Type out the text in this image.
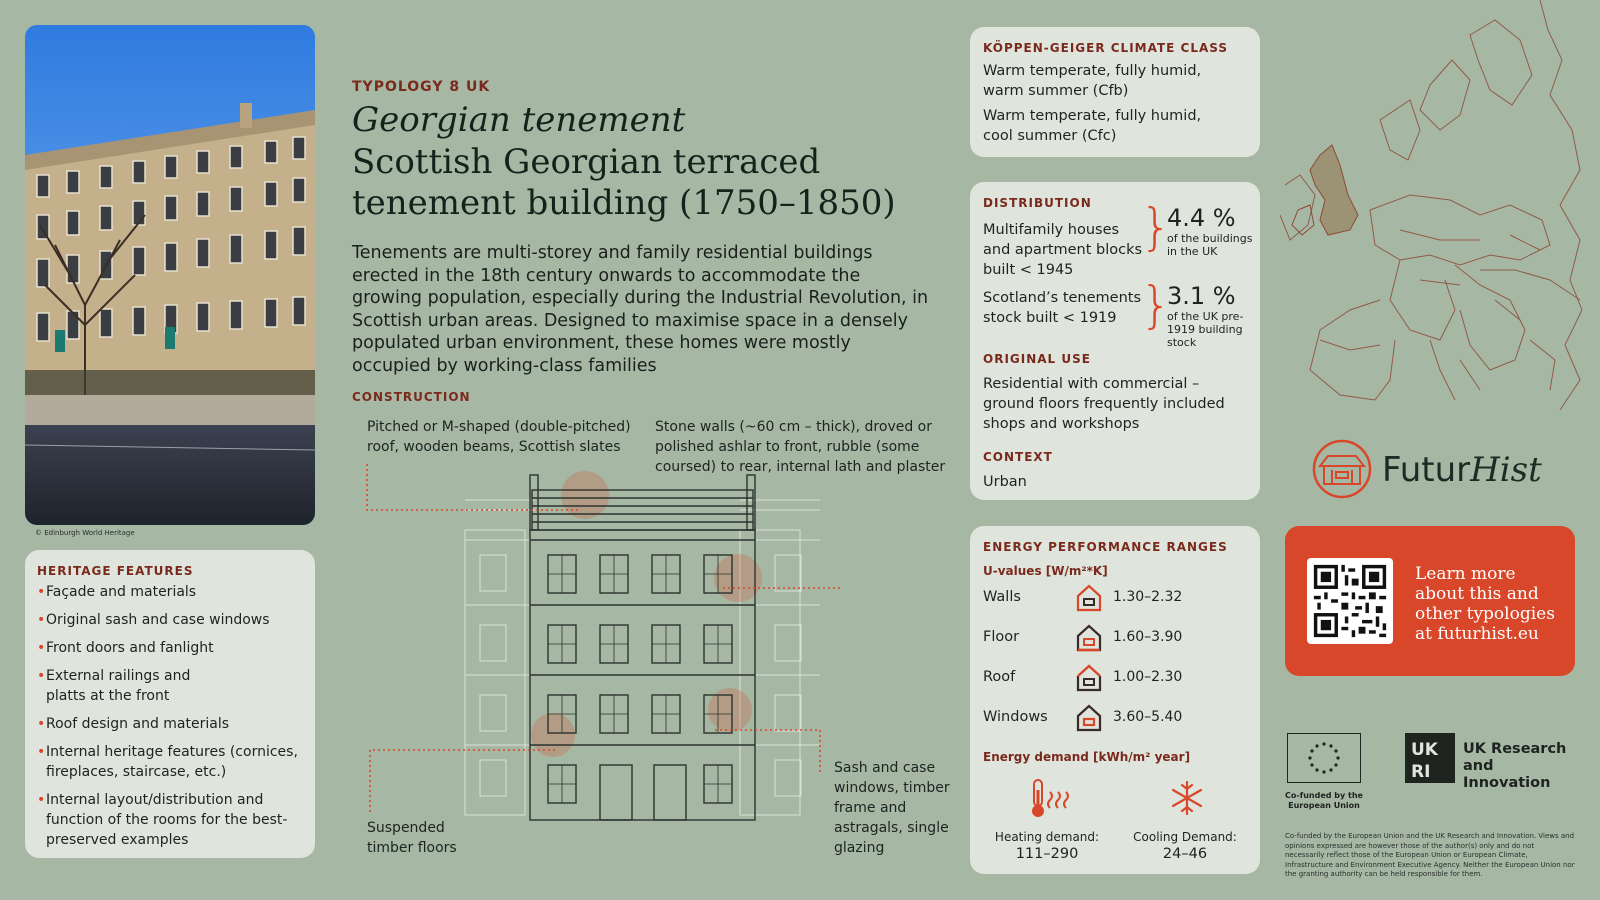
© Edinburgh World Heritage
HERITAGE FEATURES
• Façade and materials
• Original sash and case windows
• Front doors and fanlight
• External railings and
platts at the front
• Roof design and materials
• Internal heritage features (cornices, fireplaces, staircase, etc.)
• Internal layout/distribution and function of the rooms for the best-preserved examples
TYPOLOGY 8 UK
Georgian tenement
Scottish Georgian terraced tenement building (1750–1850)
Tenements are multi-storey and family residential buildings erected in the 18th century onwards to accommodate the growing population, especially during the Industrial Revolution, in Scottish urban areas. Designed to maximise space in a densely populated urban environment, these homes were mostly occupied by working-class families
CONSTRUCTION
Pitched or M-shaped (double-pitched) roof, wooden beams, Scottish slates
Stone walls (~60 cm – thick), droved or polished ashlar to front, rubble (some coursed) to rear, internal lath and plaster
Suspended timber floors
Sash and case windows, timber frame and astragals, single glazing
KÖPPEN-GEIGER CLIMATE CLASS
Warm temperate, fully humid, warm summer (Cfb)
Warm temperate, fully humid, cool summer (Cfc)
DISTRIBUTION
Multifamily houses and apartment blocks built < 1945
}
4.4 %
of the buildings in the UK
Scotland’s tenements stock built < 1919 }
3.1 %
of the UK pre-1919 building stock
ORIGINAL USE
Residential with commercial – ground floors frequently included shops and workshops
CONTEXT
Urban
ENERGY PERFORMANCE RANGES
U-values [W/m²*K]
Walls	1.30–2.32
Floor	1.60–3.90
Roof	1.00–2.30
Windows	3.60–5.40
Energy demand [kWh/m² year]
Heating demand:
111–290
Cooling Demand:
24–46
FuturHist
Learn more about this and other typologies at futurhist.eu
Co-funded by the European Union
UK
RI
UK Research and Innovation
Co-funded by the European Union and the UK Research and Innovation. Views and opinions expressed are however those of the author(s) only and do not necessarily reflect those of the European Union or European Climate, Infrastructure and Environment Executive Agency. Neither the European Union nor the granting authority can be held responsible for them.
